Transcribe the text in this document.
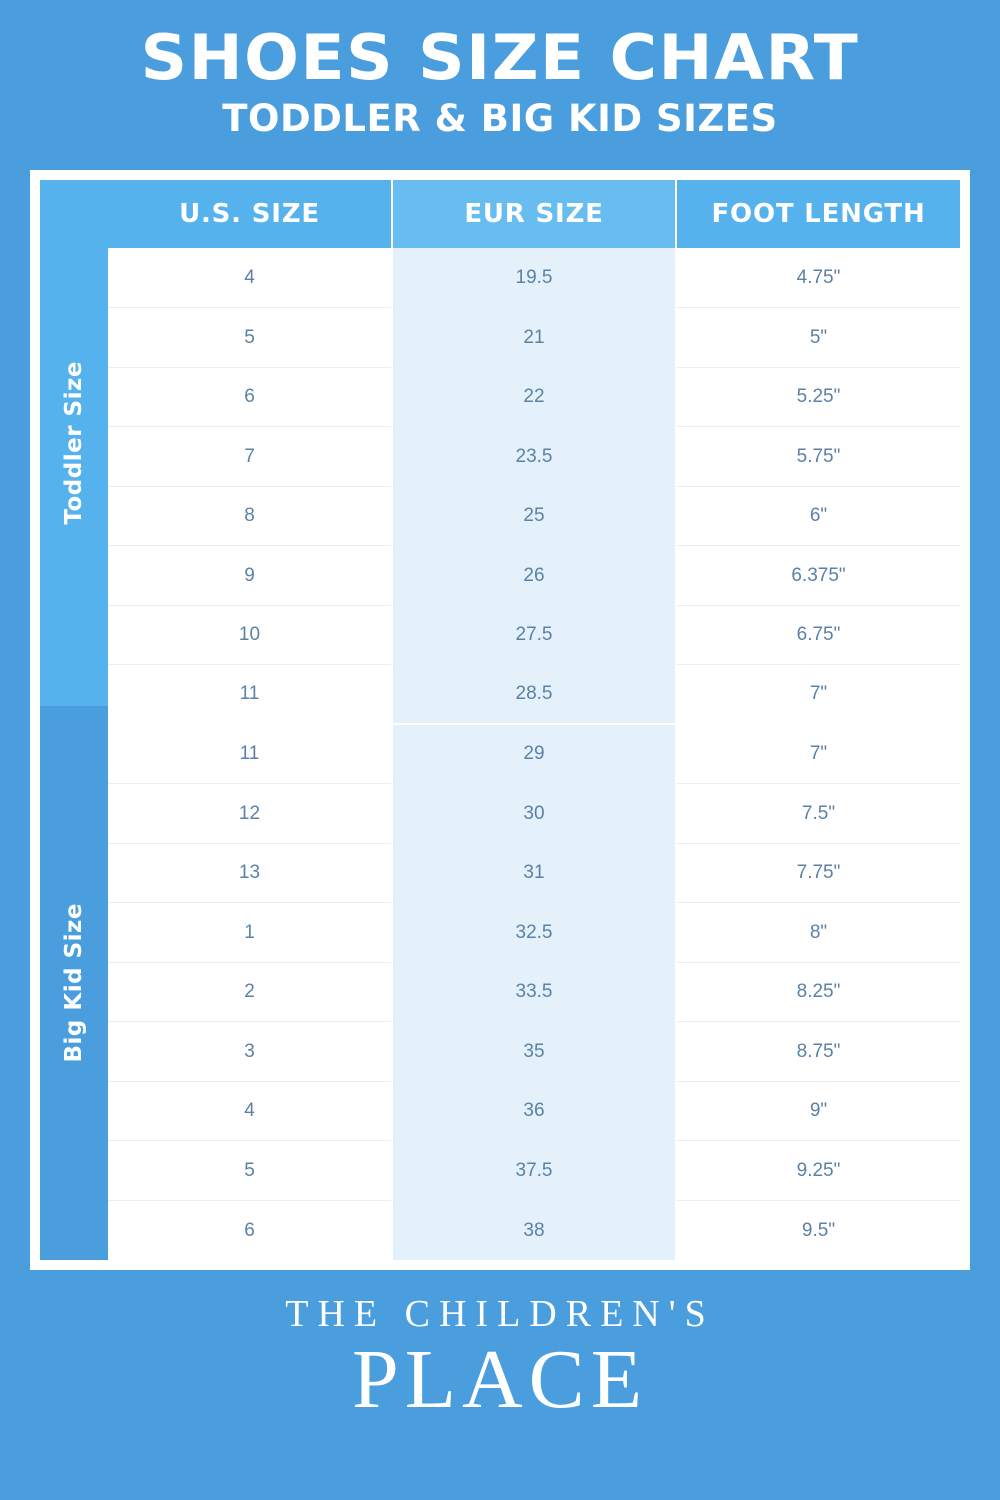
SHOES SIZE CHART
TODDLER & BIG KID SIZES
Toddler Size
Big Kid Size
U.S. SIZE	EUR SIZE	FOOT LENGTH
4	19.5	4.75"
5	21	5"
6	22	5.25"
7	23.5	5.75"
8	25	6"
9	26	6.375"
10	27.5	6.75"
11	28.5	7"
11	29	7"
12	30	7.5"
13	31	7.75"
1	32.5	8"
2	33.5	8.25"
3	35	8.75"
4	36	9"
5	37.5	9.25"
6	38	9.5"
THE CHILDREN'S
PLACE
